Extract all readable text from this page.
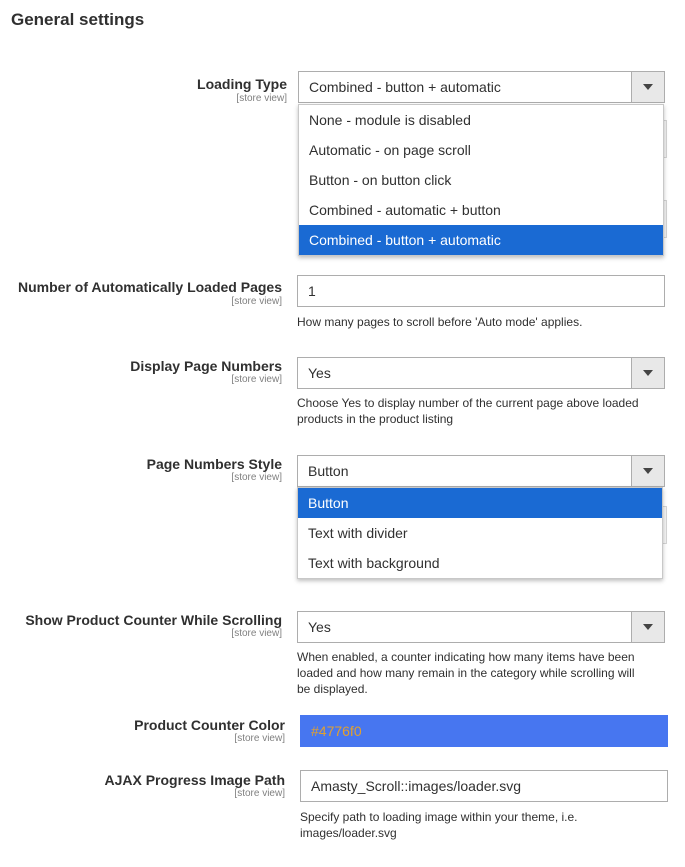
General settings
Loading Type
[store view]
Combined - button + automatic
None - module is disabled
Automatic - on page scroll
Button - on button click
Combined - automatic + button
Combined - button + automatic
Number of Automatically Loaded Pages
[store view]
1
How many pages to scroll before 'Auto mode' applies.
Display Page Numbers
[store view]	Yes
Choose Yes to display number of the current page above loaded
products in the product listing
Page Numbers Style
[store view]	Button
Button
Text with divider
Text with background
Show Product Counter While Scrolling
[store view]	Yes
When enabled, a counter indicating how many items have been
loaded and how many remain in the category while scrolling will
be displayed.
Product Counter Color
[store view]	#4776f0
AJAX Progress Image Path
[store view]	Amasty_Scroll::images/loader.svg
Specify path to loading image within your theme, i.e.
images/loader.svg
